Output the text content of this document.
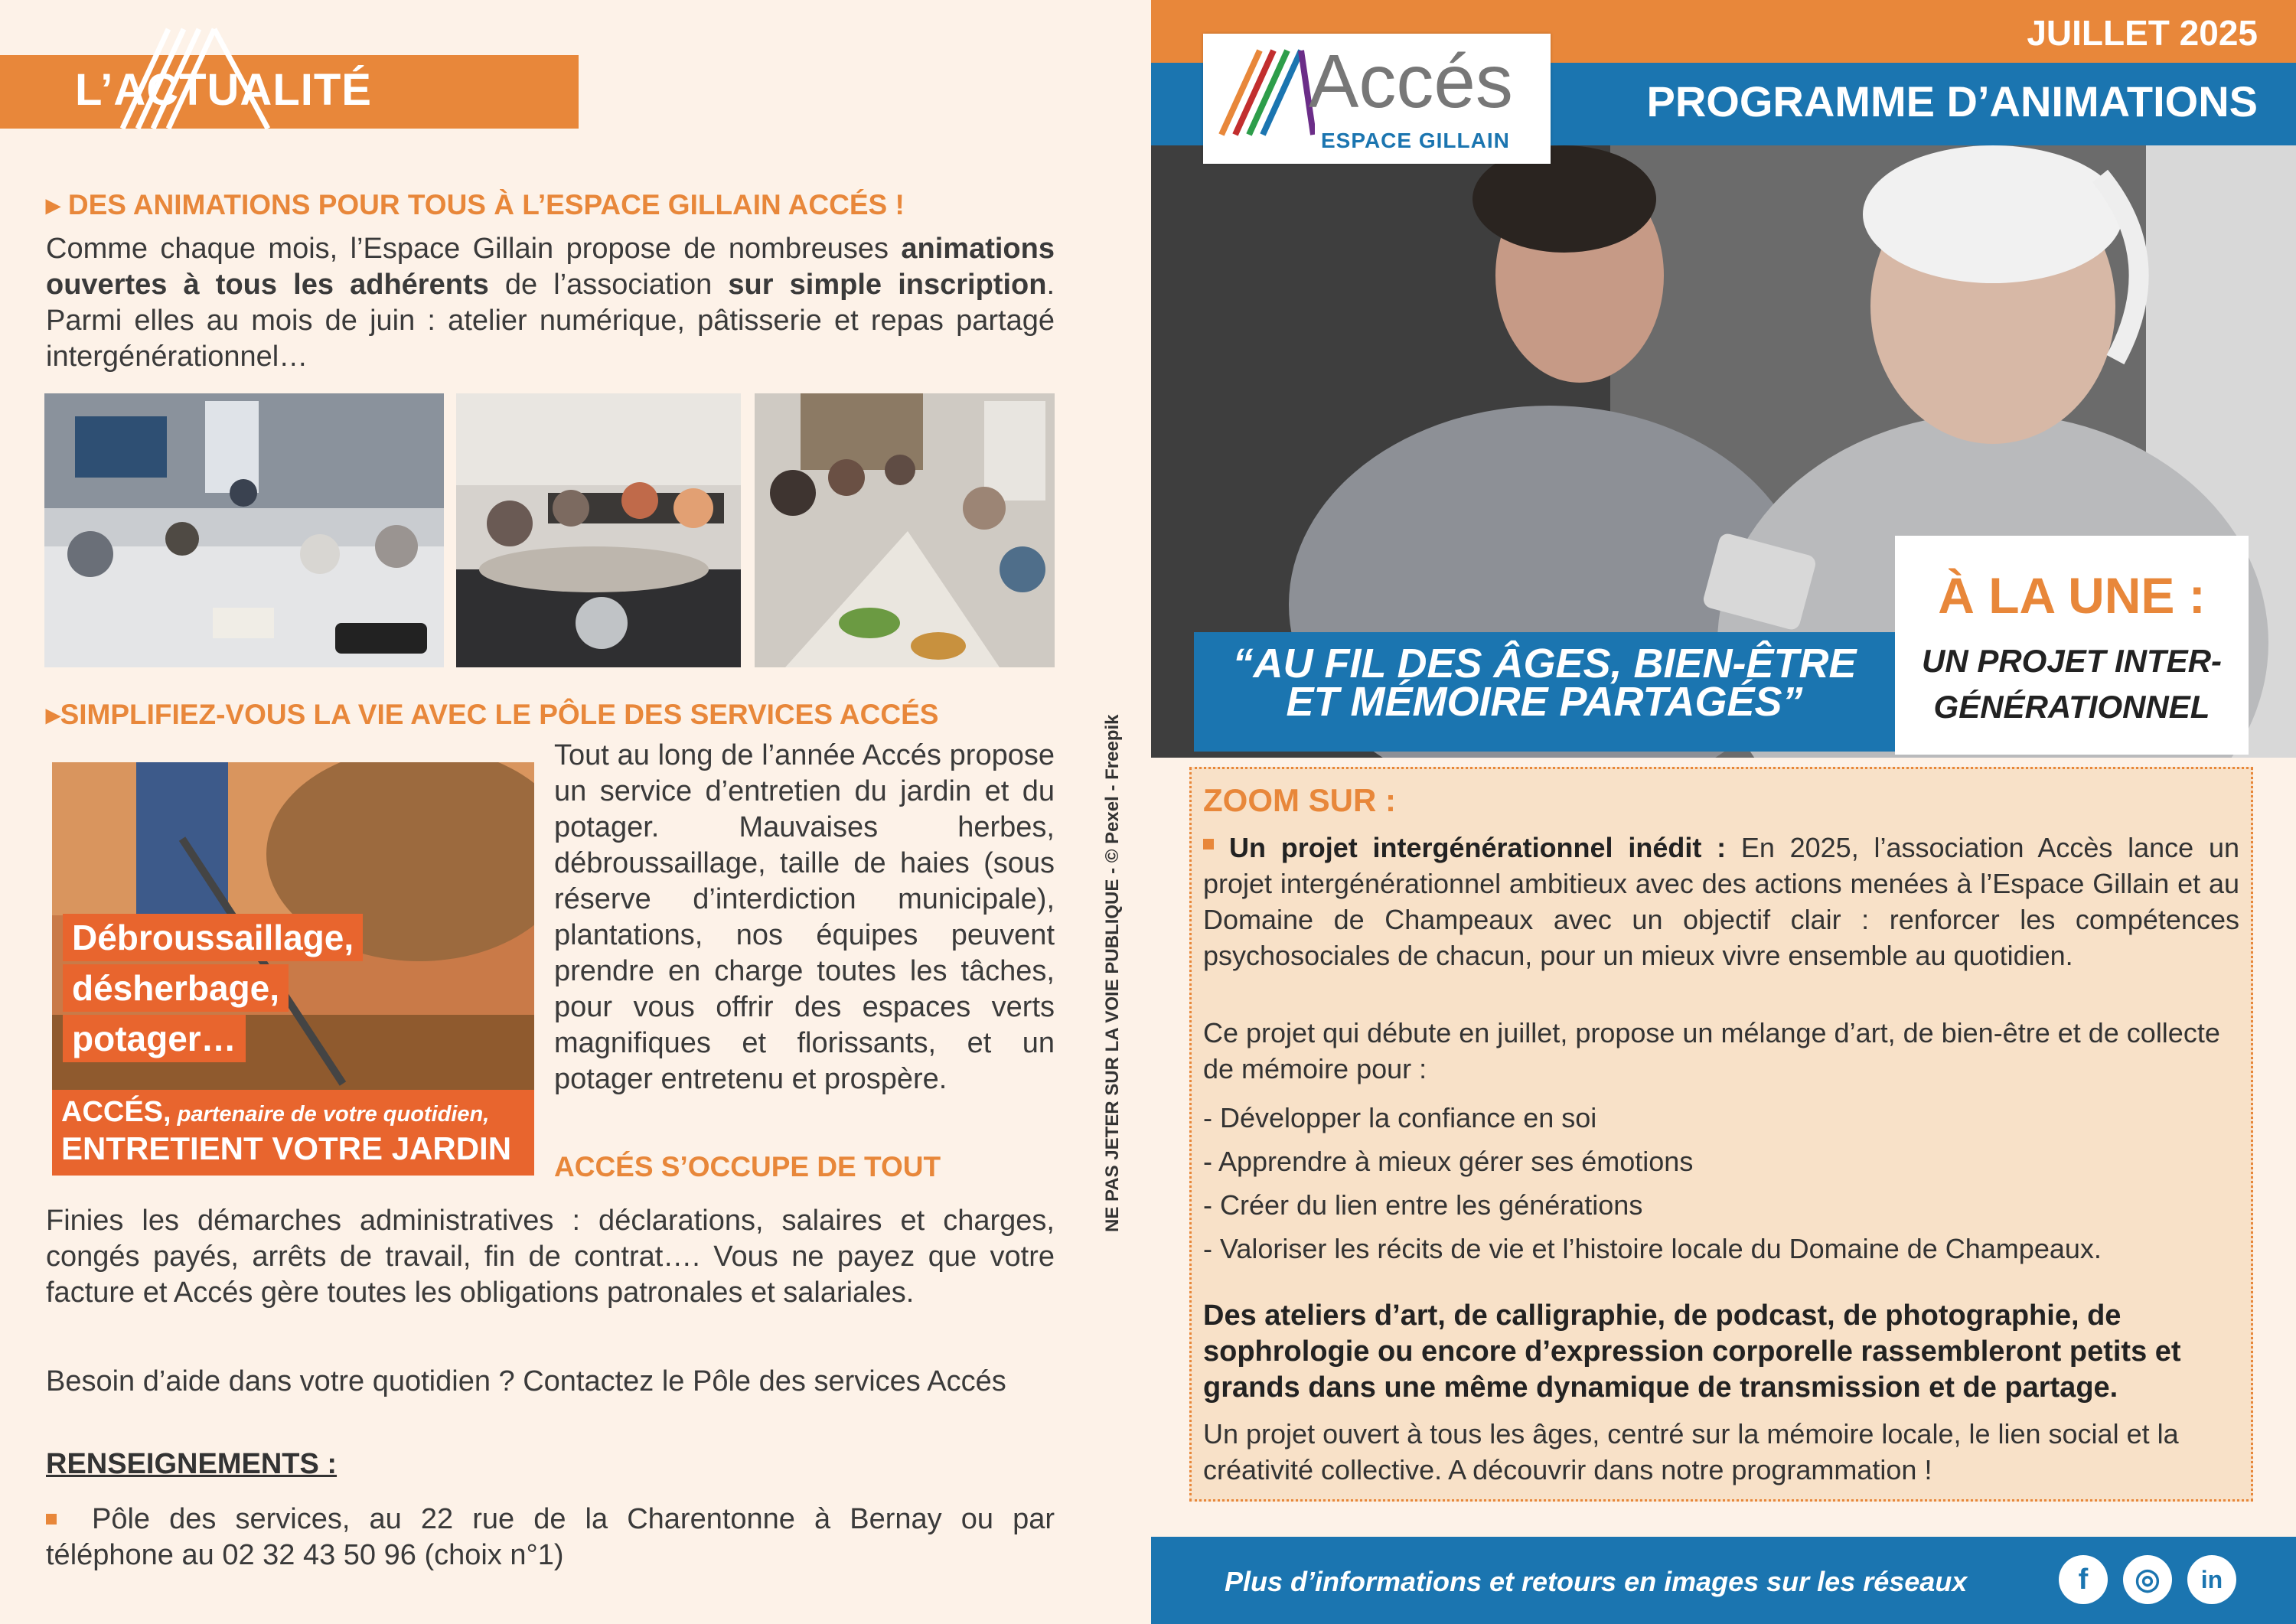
L’ACTUALITÉ
▸ DES ANIMATIONS POUR TOUS À L’ESPACE GILLAIN ACCÉS !
Comme chaque mois, l’Espace Gillain propose de nombreuses animations ouvertes à tous les adhérents de l’association sur simple inscription. Parmi elles au mois de juin : atelier numérique, pâtisserie et repas partagé intergénérationnel…
▸SIMPLIFIEZ-VOUS LA VIE AVEC LE PÔLE DES SERVICES ACCÉS
Débroussaillage,
désherbage,
potager…
ACCÉS, partenaire de votre quotidien,
ENTRETIENT VOTRE JARDIN
Tout au long de l’année Accés propose un service d’entretien du jardin et du potager. Mauvaises herbes, débroussaillage, taille de haies (sous réserve d’interdiction municipale), plantations, nos équipes peuvent prendre en charge toutes les tâches, pour vous offrir des espaces verts magnifiques et florissants, et un potager entretenu et prospère.
ACCÉS S’OCCUPE DE TOUT
Finies les démarches administratives : déclarations, salaires et charges, congés payés, arrêts de travail, fin de contrat…. Vous ne payez que votre facture et Accés gère toutes les obligations patronales et salariales.
Besoin d’aide dans votre quotidien ? Contactez le Pôle des services Accés
RENSEIGNEMENTS :
Pôle des services, au 22 rue de la Charentonne à Bernay ou par téléphone au 02 32 43 50 96 (choix n°1)
NE PAS JETER SUR LA VOIE PUBLIQUE - © Pexel - Freepik
JUILLET 2025
PROGRAMME D’ANIMATIONS
Accés
ESPACE GILLAIN
“AU FIL DES ÂGES, BIEN-ÊTRE
ET MÉMOIRE PARTAGÉS”
À LA UNE :
UN PROJET INTER-
GÉNÉRATIONNEL
ZOOM SUR :
Un projet intergénérationnel inédit : En 2025, l’association Accès lance un projet intergénérationnel ambitieux avec des actions menées à l’Espace Gillain et au Domaine de Champeaux avec un objectif clair : renforcer les compétences psychosociales de chacun, pour un mieux vivre ensemble au quotidien.
Ce projet qui débute en juillet, propose un mélange d’art, de bien-être et de collecte de mémoire pour :
- Développer la confiance en soi
- Apprendre à mieux gérer ses émotions
- Créer du lien entre les générations
- Valoriser les récits de vie et l’histoire locale du Domaine de Champeaux.
Des ateliers d’art, de calligraphie, de podcast, de photographie, de sophrologie ou encore d’expression corporelle rassembleront petits et grands dans une même dynamique de transmission et de partage.
Un projet ouvert à tous les âges, centré sur la mémoire locale, le lien social et la créativité collective. A découvrir dans notre programmation !
Plus d’informations et retours en images sur les réseaux	f	◎	in
